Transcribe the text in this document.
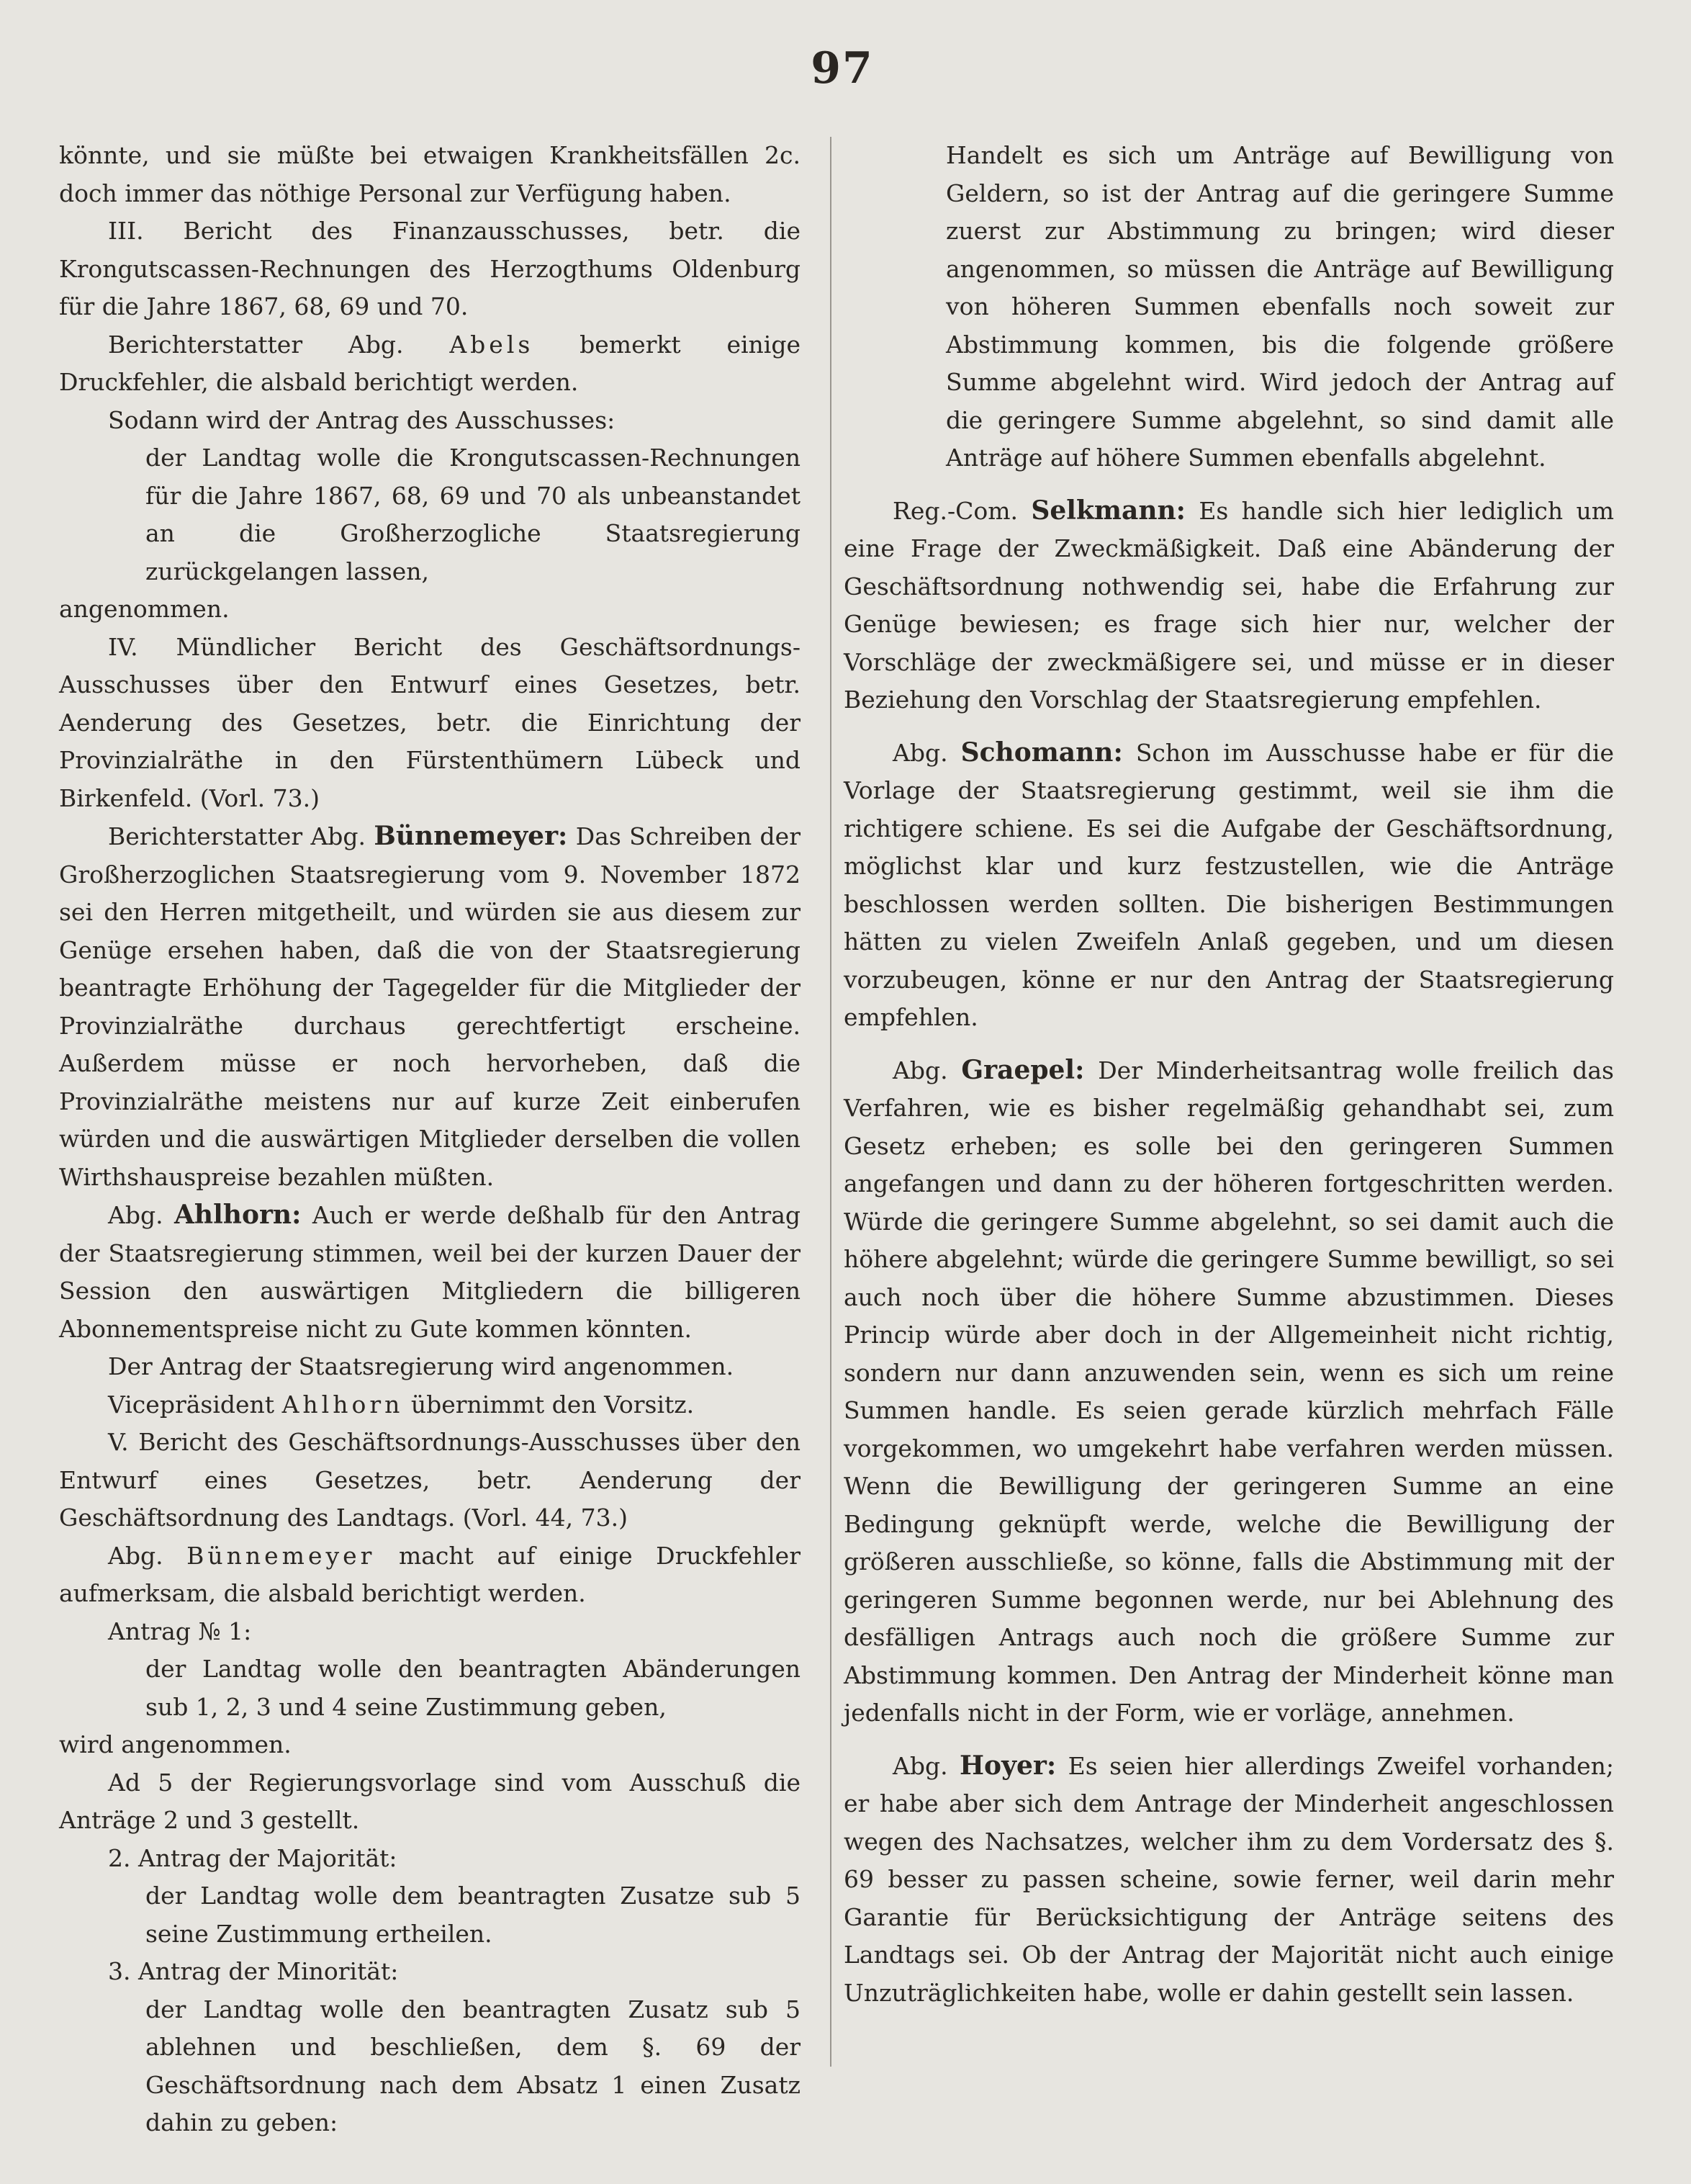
97

könnte, und sie müßte bei etwaigen Krankheitsfällen 2c. doch immer das nöthige Personal zur Verfügung haben.

III. Bericht des Finanzausschusses, betr. die Krongutscassen-Rechnungen des Herzogthums Oldenburg für die Jahre 1867, 68, 69 und 70.

Berichterstatter Abg. Abels bemerkt einige Druckfehler, die alsbald berichtigt werden.

Sodann wird der Antrag des Ausschusses:

der Landtag wolle die Krongutscassen-Rechnungen für die Jahre 1867, 68, 69 und 70 als unbeanstandet an die Großherzogliche Staatsregierung zurückgelangen lassen,

angenommen.

IV. Mündlicher Bericht des Geschäftsordnungs-Ausschusses über den Entwurf eines Gesetzes, betr. Aenderung des Gesetzes, betr. die Einrichtung der Provinzialräthe in den Fürstenthümern Lübeck und Birkenfeld. (Vorl. 73.)

Berichterstatter Abg. Bünnemeyer: Das Schreiben der Großherzoglichen Staatsregierung vom 9. November 1872 sei den Herren mitgetheilt, und würden sie aus diesem zur Genüge ersehen haben, daß die von der Staatsregierung beantragte Erhöhung der Tagegelder für die Mitglieder der Provinzialräthe durchaus gerechtfertigt erscheine. Außerdem müsse er noch hervorheben, daß die Provinzialräthe meistens nur auf kurze Zeit einberufen würden und die auswärtigen Mitglieder derselben die vollen Wirthshauspreise bezahlen müßten.

Abg. Ahlhorn: Auch er werde deßhalb für den Antrag der Staatsregierung stimmen, weil bei der kurzen Dauer der Session den auswärtigen Mitgliedern die billigeren Abonnementspreise nicht zu Gute kommen könnten.

Der Antrag der Staatsregierung wird angenommen.

Vicepräsident Ahlhorn übernimmt den Vorsitz.

V. Bericht des Geschäftsordnungs-Ausschusses über den Entwurf eines Gesetzes, betr. Aenderung der Geschäftsordnung des Landtags. (Vorl. 44, 73.)

Abg. Bünnemeyer macht auf einige Druckfehler aufmerksam, die alsbald berichtigt werden.

Antrag № 1:

der Landtag wolle den beantragten Abänderungen sub 1, 2, 3 und 4 seine Zustimmung geben,

wird angenommen.

Ad 5 der Regierungsvorlage sind vom Ausschuß die Anträge 2 und 3 gestellt.

2. Antrag der Majorität:

der Landtag wolle dem beantragten Zusatze sub 5 seine Zustimmung ertheilen.

3. Antrag der Minorität:

der Landtag wolle den beantragten Zusatz sub 5 ablehnen und beschließen, dem §. 69 der Geschäftsordnung nach dem Absatz 1 einen Zusatz dahin zu geben:

Handelt es sich um Anträge auf Bewilligung von Geldern, so ist der Antrag auf die geringere Summe zuerst zur Abstimmung zu bringen; wird dieser angenommen, so müssen die Anträge auf Bewilligung von höheren Summen ebenfalls noch soweit zur Abstimmung kommen, bis die folgende größere Summe abgelehnt wird. Wird jedoch der Antrag auf die geringere Summe abgelehnt, so sind damit alle Anträge auf höhere Summen ebenfalls abgelehnt.

Reg.-Com. Selkmann: Es handle sich hier lediglich um eine Frage der Zweckmäßigkeit. Daß eine Abänderung der Geschäftsordnung nothwendig sei, habe die Erfahrung zur Genüge bewiesen; es frage sich hier nur, welcher der Vorschläge der zweckmäßigere sei, und müsse er in dieser Beziehung den Vorschlag der Staatsregierung empfehlen.

Abg. Schomann: Schon im Ausschusse habe er für die Vorlage der Staatsregierung gestimmt, weil sie ihm die richtigere schiene. Es sei die Aufgabe der Geschäftsordnung, möglichst klar und kurz festzustellen, wie die Anträge beschlossen werden sollten. Die bisherigen Bestimmungen hätten zu vielen Zweifeln Anlaß gegeben, und um diesen vorzubeugen, könne er nur den Antrag der Staatsregierung empfehlen.

Abg. Graepel: Der Minderheitsantrag wolle freilich das Verfahren, wie es bisher regelmäßig gehandhabt sei, zum Gesetz erheben; es solle bei den geringeren Summen angefangen und dann zu der höheren fortgeschritten werden. Würde die geringere Summe abgelehnt, so sei damit auch die höhere abgelehnt; würde die geringere Summe bewilligt, so sei auch noch über die höhere Summe abzustimmen. Dieses Princip würde aber doch in der Allgemeinheit nicht richtig, sondern nur dann anzuwenden sein, wenn es sich um reine Summen handle. Es seien gerade kürzlich mehrfach Fälle vorgekommen, wo umgekehrt habe verfahren werden müssen. Wenn die Bewilligung der geringeren Summe an eine Bedingung geknüpft werde, welche die Bewilligung der größeren ausschließe, so könne, falls die Abstimmung mit der geringeren Summe begonnen werde, nur bei Ablehnung des desfälligen Antrags auch noch die größere Summe zur Abstimmung kommen. Den Antrag der Minderheit könne man jedenfalls nicht in der Form, wie er vorläge, annehmen.

Abg. Hoyer: Es seien hier allerdings Zweifel vorhanden; er habe aber sich dem Antrage der Minderheit angeschlossen wegen des Nachsatzes, welcher ihm zu dem Vordersatz des §. 69 besser zu passen scheine, sowie ferner, weil darin mehr Garantie für Berücksichtigung der Anträge seitens des Landtags sei. Ob der Antrag der Majorität nicht auch einige Unzuträglichkeiten habe, wolle er dahin gestellt sein lassen.
